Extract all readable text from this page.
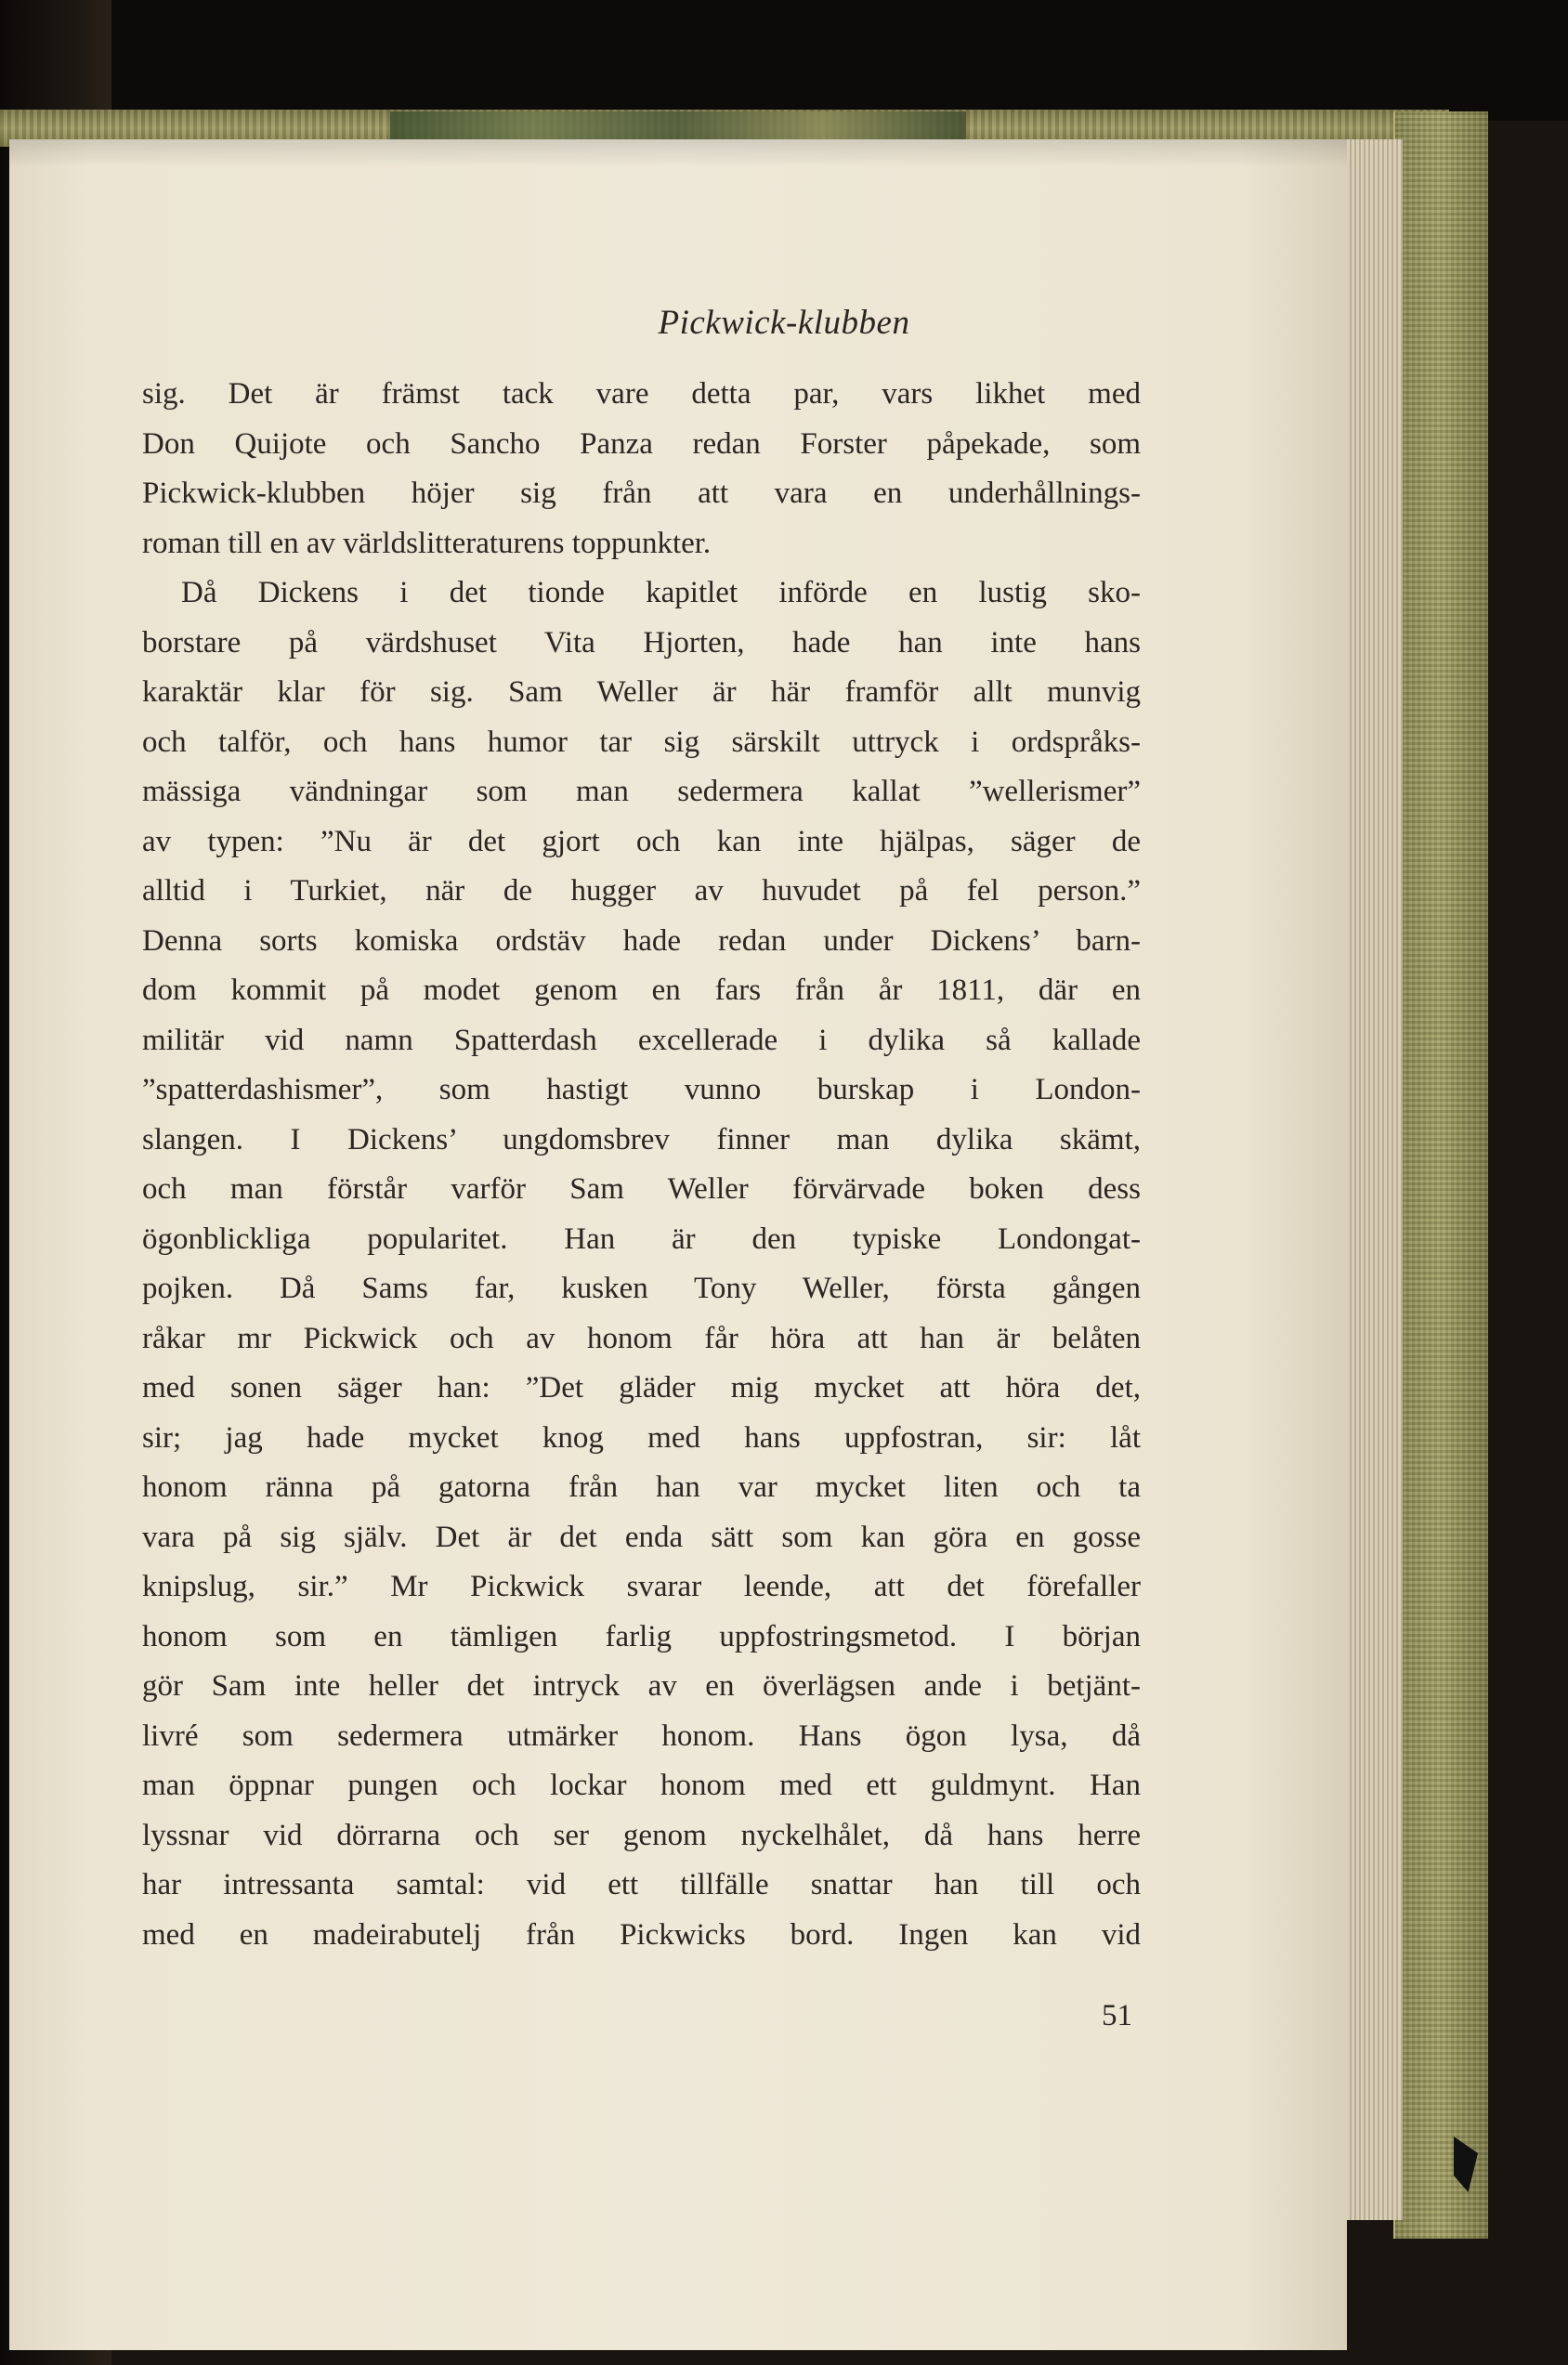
Pickwick-klubben
sig. Det är främst tack vare detta par, vars likhet med
Don Quijote och Sancho Panza redan Forster påpekade, som
Pickwick-klubben höjer sig från att vara en underhållnings-
roman till en av världslitteraturens toppunkter.
Då Dickens i det tionde kapitlet införde en lustig sko-
borstare på värdshuset Vita Hjorten, hade han inte hans
karaktär klar för sig. Sam Weller är här framför allt munvig
och talför, och hans humor tar sig särskilt uttryck i ordspråks-
mässiga vändningar som man sedermera kallat ”wellerismer”
av typen: ”Nu är det gjort och kan inte hjälpas, säger de
alltid i Turkiet, när de hugger av huvudet på fel person.”
Denna sorts komiska ordstäv hade redan under Dickens’ barn-
dom kommit på modet genom en fars från år 1811, där en
militär vid namn Spatterdash excellerade i dylika så kallade
”spatterdashismer”, som hastigt vunno burskap i London-
slangen. I Dickens’ ungdomsbrev finner man dylika skämt,
och man förstår varför Sam Weller förvärvade boken dess
ögonblickliga popularitet. Han är den typiske Londongat-
pojken. Då Sams far, kusken Tony Weller, första gången
råkar mr Pickwick och av honom får höra att han är belåten
med sonen säger han: ”Det gläder mig mycket att höra det,
sir; jag hade mycket knog med hans uppfostran, sir: låt
honom ränna på gatorna från han var mycket liten och ta
vara på sig själv. Det är det enda sätt som kan göra en gosse
knipslug, sir.” Mr Pickwick svarar leende, att det förefaller
honom som en tämligen farlig uppfostringsmetod. I början
gör Sam inte heller det intryck av en överlägsen ande i betjänt-
livré som sedermera utmärker honom. Hans ögon lysa, då
man öppnar pungen och lockar honom med ett guldmynt. Han
lyssnar vid dörrarna och ser genom nyckelhålet, då hans herre
har intressanta samtal: vid ett tillfälle snattar han till och
med en madeirabutelj från Pickwicks bord. Ingen kan vid
51
